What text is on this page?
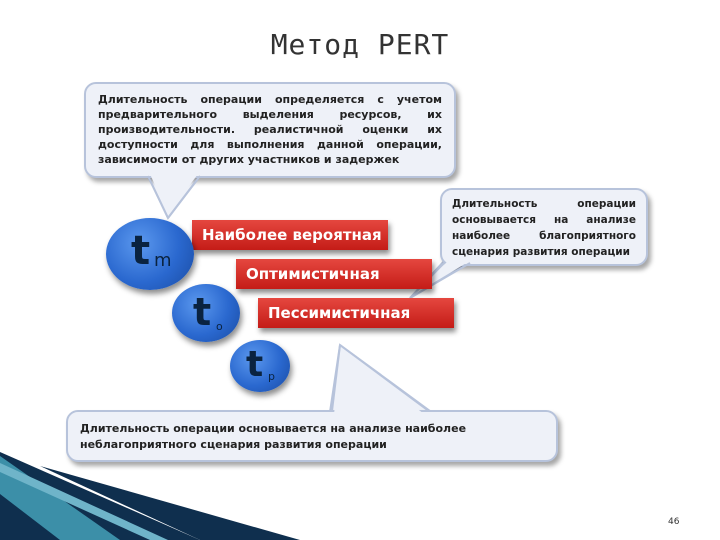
Метод PERT
Длительность операции определяется с учетом предварительного выделения ресурсов, их производительности. реалистичной оценки их доступности для выполнения данной операции, зависимости от других участников и задержек
Длительность операции основывается на анализе наиболее благоприятного сценария развития операции
Длительность операции основывается на анализе наиболее неблагоприятного сценария развития операции
Наиболее вероятная
Оптимистичная
Пессимистичная
t m
t o
t p
46
